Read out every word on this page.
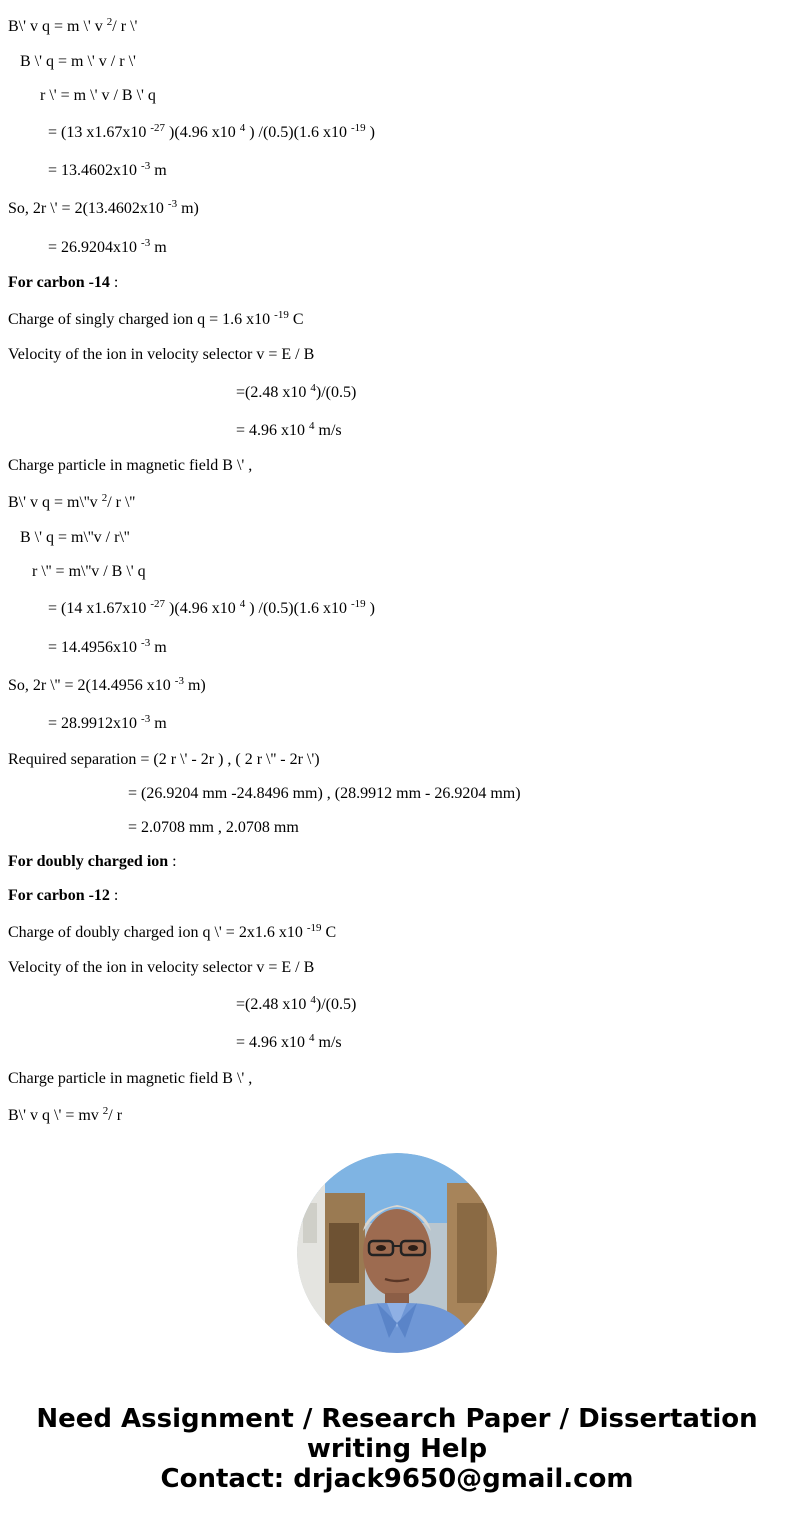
B\' v q = m \' v $^2$/ r \'
B \' q = m \' v / r \'
r \' = m \' v / B \' q
= (13 x1.67x10 $^{-27}$ )(4.96 x10 $^4$ ) /(0.5)(1.6 x10 $^{-19}$ )
= 13.4602x10 $^{-3}$ m
So, 2r \' = 2(13.4602x10 $^{-3}$ m)
= 26.9204x10 $^{-3}$ m
For carbon -14 :
Charge of singly charged ion q = 1.6 x10 $^{-19}$ C
Velocity of the ion in velocity selector v = E / B
=(2.48 x10 $^4$)/(0.5)
= 4.96 x10 $^4$ m/s
Charge particle in magnetic field B \' ,
B\' v q = m\''v $^2$/ r \''
B \' q = m\''v / r\''
r \'' = m\''v / B \' q
= (14 x1.67x10 $^{-27}$ )(4.96 x10 $^4$ ) /(0.5)(1.6 x10 $^{-19}$ )
= 14.4956x10 $^{-3}$ m
So, 2r \'' = 2(14.4956 x10 $^{-3}$ m)
= 28.9912x10 $^{-3}$ m
Required separation = (2 r \' - 2r ) , ( 2 r \'' - 2r \')
= (26.9204 mm -24.8496 mm) , (28.9912 mm - 26.9204 mm)
= 2.0708 mm , 2.0708 mm
For doubly charged ion :
For carbon -12 :
Charge of doubly charged ion q \' = 2x1.6 x10 $^{-19}$ C
Velocity of the ion in velocity selector v = E / B
=(2.48 x10 $^4$)/(0.5)
= 4.96 x10 $^4$ m/s
Charge particle in magnetic field B \' ,
B\' v q \' = mv $^2$/ r
Need Assignment / Research Paper / Dissertation
writing Help
Contact: drjack9650@gmail.com
